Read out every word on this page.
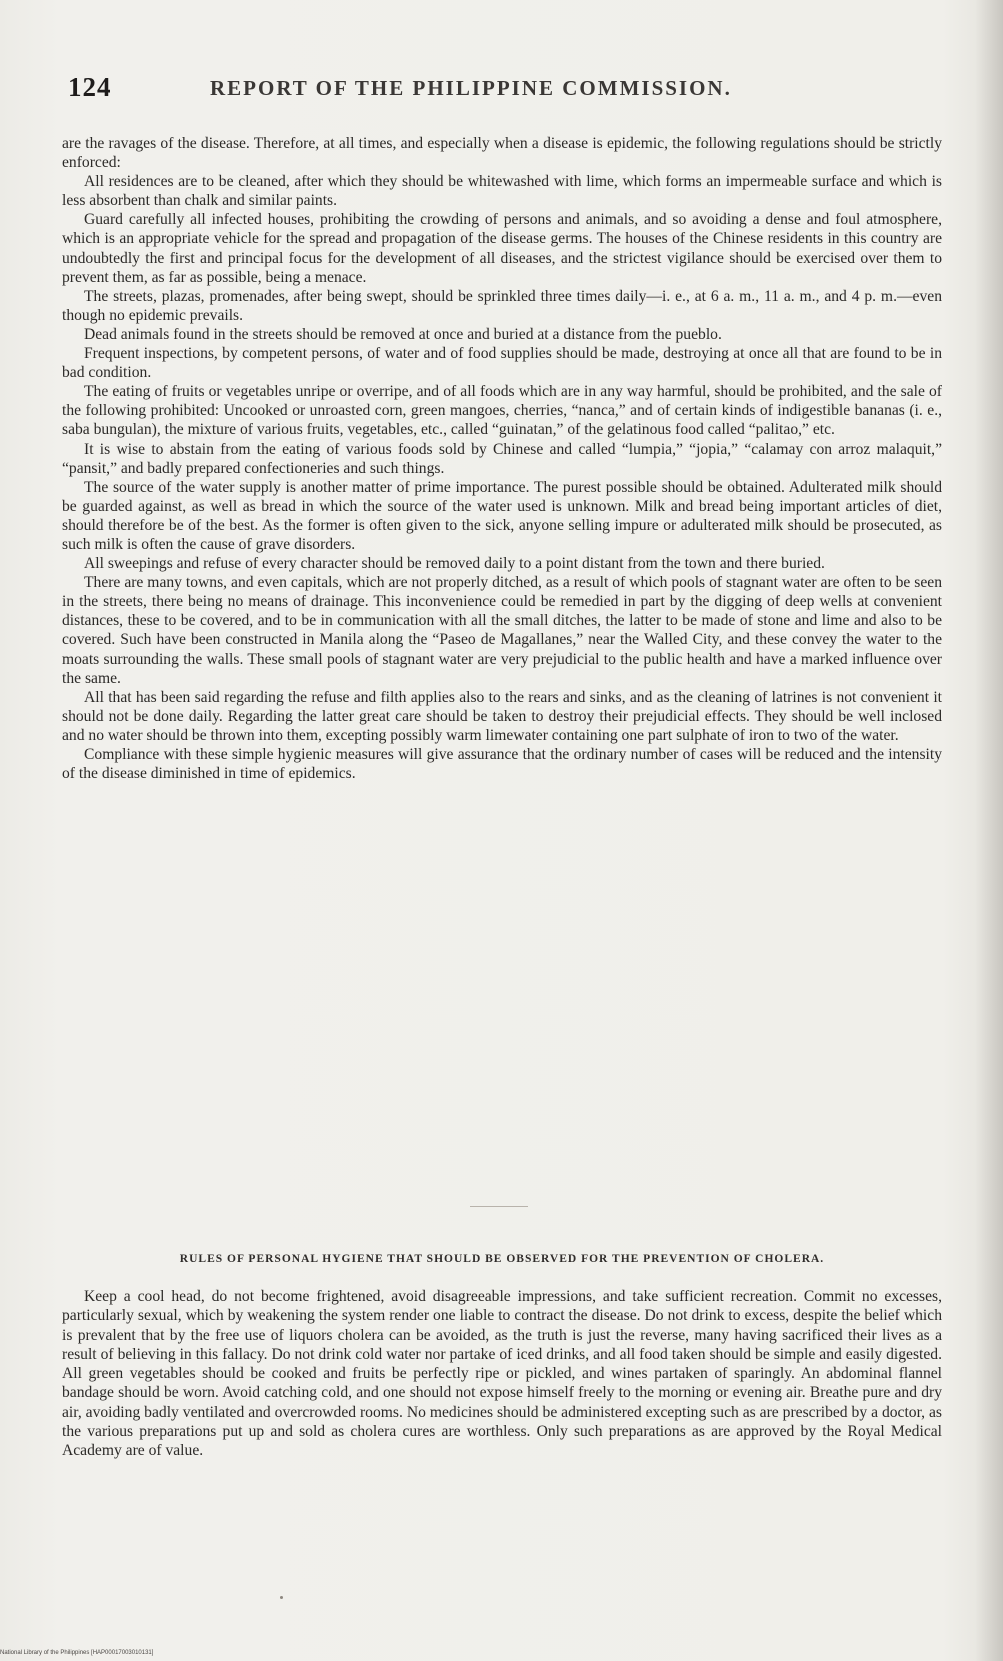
124	REPORT OF THE PHILIPPINE COMMISSION.

are the ravages of the disease. Therefore, at all times, and especially when a disease is epidemic, the following regulations should be strictly enforced:

All residences are to be cleaned, after which they should be whitewashed with lime, which forms an impermeable surface and which is less absorbent than chalk and similar paints.

Guard carefully all infected houses, prohibiting the crowding of persons and animals, and so avoiding a dense and foul atmosphere, which is an appropriate vehicle for the spread and propagation of the disease germs. The houses of the Chinese residents in this country are undoubtedly the first and principal focus for the development of all diseases, and the strictest vigilance should be exercised over them to prevent them, as far as possible, being a menace.

The streets, plazas, promenades, after being swept, should be sprinkled three times daily—i. e., at 6 a. m., 11 a. m., and 4 p. m.—even though no epidemic prevails.

Dead animals found in the streets should be removed at once and buried at a distance from the pueblo.

Frequent inspections, by competent persons, of water and of food supplies should be made, destroying at once all that are found to be in bad condition.

The eating of fruits or vegetables unripe or overripe, and of all foods which are in any way harmful, should be prohibited, and the sale of the following prohibited: Uncooked or unroasted corn, green mangoes, cherries, “nanca,” and of certain kinds of indigestible bananas (i. e., saba bungulan), the mixture of various fruits, vegetables, etc., called “guinatan,” of the gelatinous food called “palitao,” etc.

It is wise to abstain from the eating of various foods sold by Chinese and called “lumpia,” “jopia,” “calamay con arroz malaquit,” “pansit,” and badly prepared confectioneries and such things.

The source of the water supply is another matter of prime importance. The purest possible should be obtained. Adulterated milk should be guarded against, as well as bread in which the source of the water used is unknown. Milk and bread being important articles of diet, should therefore be of the best. As the former is often given to the sick, anyone selling impure or adulterated milk should be prosecuted, as such milk is often the cause of grave disorders.

All sweepings and refuse of every character should be removed daily to a point distant from the town and there buried.

There are many towns, and even capitals, which are not properly ditched, as a result of which pools of stagnant water are often to be seen in the streets, there being no means of drainage. This inconvenience could be remedied in part by the digging of deep wells at convenient distances, these to be covered, and to be in communication with all the small ditches, the latter to be made of stone and lime and also to be covered. Such have been constructed in Manila along the “Paseo de Magallanes,” near the Walled City, and these convey the water to the moats surrounding the walls. These small pools of stagnant water are very prejudicial to the public health and have a marked influence over the same.

All that has been said regarding the refuse and filth applies also to the rears and sinks, and as the cleaning of latrines is not convenient it should not be done daily. Regarding the latter great care should be taken to destroy their prejudicial effects. They should be well inclosed and no water should be thrown into them, excepting possibly warm limewater containing one part sulphate of iron to two of the water.

Compliance with these simple hygienic measures will give assurance that the ordinary number of cases will be reduced and the intensity of the disease diminished in time of epidemics.

RULES OF PERSONAL HYGIENE THAT SHOULD BE OBSERVED FOR THE PREVENTION OF CHOLERA.

Keep a cool head, do not become frightened, avoid disagreeable impressions, and take sufficient recreation. Commit no excesses, particularly sexual, which by weakening the system render one liable to contract the disease. Do not drink to excess, despite the belief which is prevalent that by the free use of liquors cholera can be avoided, as the truth is just the reverse, many having sacrificed their lives as a result of believing in this fallacy. Do not drink cold water nor partake of iced drinks, and all food taken should be simple and easily digested. All green vegetables should be cooked and fruits be perfectly ripe or pickled, and wines partaken of sparingly. An abdominal flannel bandage should be worn. Avoid catching cold, and one should not expose himself freely to the morning or evening air. Breathe pure and dry air, avoiding badly ventilated and overcrowded rooms. No medicines should be administered excepting such as are prescribed by a doctor, as the various preparations put up and sold as cholera cures are worthless. Only such preparations as are approved by the Royal Medical Academy are of value.

National Library of the Philippines [HAP00017003010131]
